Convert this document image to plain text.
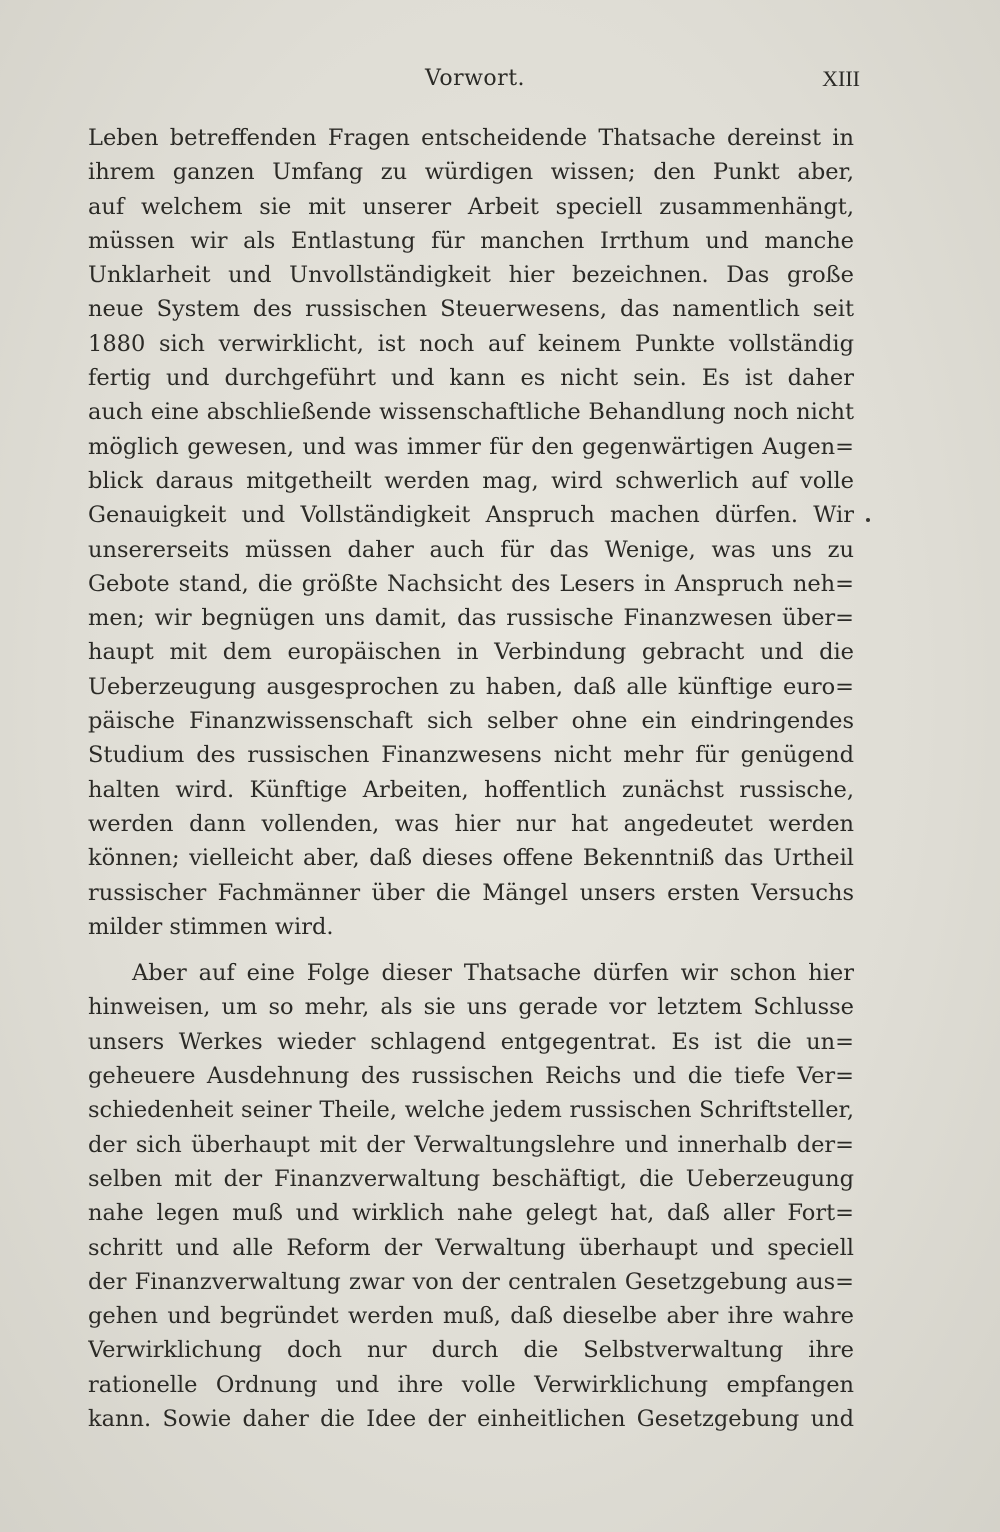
Vorwort.	XIII
Leben betreffenden Fragen entscheidende Thatsache dereinst in
ihrem ganzen Umfang zu würdigen wissen; den Punkt aber,
auf welchem sie mit unserer Arbeit speciell zusammenhängt,
müssen wir als Entlastung für manchen Irrthum und manche
Unklarheit und Unvollständigkeit hier bezeichnen. Das große
neue System des russischen Steuerwesens, das namentlich seit
1880 sich verwirklicht, ist noch auf keinem Punkte vollständig
fertig und durchgeführt und kann es nicht sein. Es ist daher
auch eine abschließende wissenschaftliche Behandlung noch nicht
möglich gewesen, und was immer für den gegenwärtigen Augen=
blick daraus mitgetheilt werden mag, wird schwerlich auf volle
Genauigkeit und Vollständigkeit Anspruch machen dürfen. Wir
unsererseits müssen daher auch für das Wenige, was uns zu
Gebote stand, die größte Nachsicht des Lesers in Anspruch neh=
men; wir begnügen uns damit, das russische Finanzwesen über=
haupt mit dem europäischen in Verbindung gebracht und die
Ueberzeugung ausgesprochen zu haben, daß alle künftige euro=
päische Finanzwissenschaft sich selber ohne ein eindringendes
Studium des russischen Finanzwesens nicht mehr für genügend
halten wird. Künftige Arbeiten, hoffentlich zunächst russische,
werden dann vollenden, was hier nur hat angedeutet werden
können; vielleicht aber, daß dieses offene Bekenntniß das Urtheil
russischer Fachmänner über die Mängel unsers ersten Versuchs
milder stimmen wird.
Aber auf eine Folge dieser Thatsache dürfen wir schon hier
hinweisen, um so mehr, als sie uns gerade vor letztem Schlusse
unsers Werkes wieder schlagend entgegentrat. Es ist die un=
geheuere Ausdehnung des russischen Reichs und die tiefe Ver=
schiedenheit seiner Theile, welche jedem russischen Schriftsteller,
der sich überhaupt mit der Verwaltungslehre und innerhalb der=
selben mit der Finanzverwaltung beschäftigt, die Ueberzeugung
nahe legen muß und wirklich nahe gelegt hat, daß aller Fort=
schritt und alle Reform der Verwaltung überhaupt und speciell
der Finanzverwaltung zwar von der centralen Gesetzgebung aus=
gehen und begründet werden muß, daß dieselbe aber ihre wahre
Verwirklichung doch nur durch die Selbstverwaltung ihre
rationelle Ordnung und ihre volle Verwirklichung empfangen
kann. Sowie daher die Idee der einheitlichen Gesetzgebung und
